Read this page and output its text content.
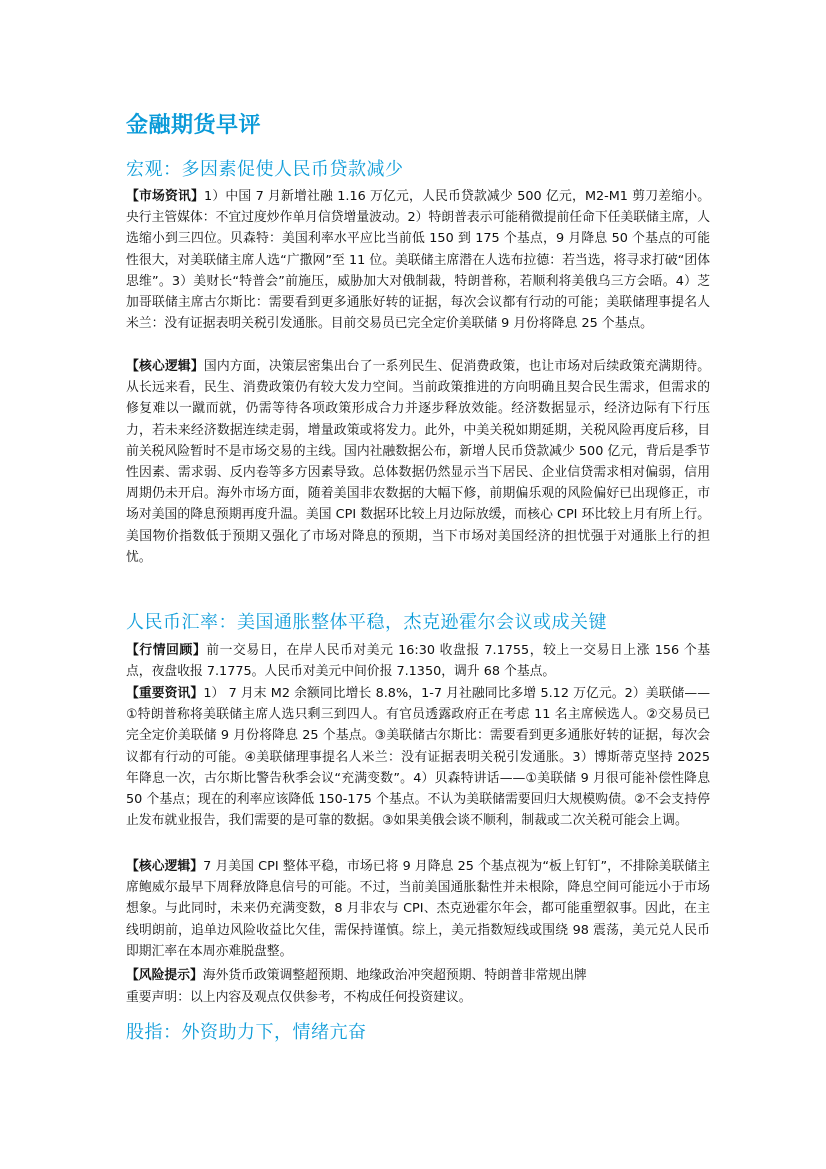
金融期货早评
宏观：多因素促使人民币贷款减少

【市场资讯】1）中国 7 月新增社融 1.16 万亿元，人民币贷款减少 500 亿元，M2-M1 剪刀差缩小。央行主管媒体：不宜过度炒作单月信贷增量波动。2）特朗普表示可能稍微提前任命下任美联储主席，人选缩小到三四位。贝森特：美国利率水平应比当前低 150 到 175 个基点，9 月降息 50 个基点的可能性很大，对美联储主席人选“广撒网”至 11 位。美联储主席潜在人选布拉德：若当选，将寻求打破“团体思维”。3）美财长“特普会”前施压，威胁加大对俄制裁，特朗普称，若顺利将美俄乌三方会晤。4）芝加哥联储主席古尔斯比：需要看到更多通胀好转的证据，每次会议都有行动的可能；美联储理事提名人米兰：没有证据表明关税引发通胀。目前交易员已完全定价美联储 9 月份将降息 25 个基点。

【核心逻辑】国内方面，决策层密集出台了一系列民生、促消费政策，也让市场对后续政策充满期待。从长远来看，民生、消费政策仍有较大发力空间。当前政策推进的方向明确且契合民生需求，但需求的修复难以一蹴而就，仍需等待各项政策形成合力并逐步释放效能。经济数据显示，经济边际有下行压力，若未来经济数据连续走弱，增量政策或将发力。此外，中美关税如期延期，关税风险再度后移，目前关税风险暂时不是市场交易的主线。国内社融数据公布，新增人民币贷款减少 500 亿元，背后是季节性因素、需求弱、反内卷等多方因素导致。总体数据仍然显示当下居民、企业信贷需求相对偏弱，信用周期仍未开启。海外市场方面，随着美国非农数据的大幅下修，前期偏乐观的风险偏好已出现修正，市场对美国的降息预期再度升温。美国 CPI 数据环比较上月边际放缓，而核心 CPI 环比较上月有所上行。美国物价指数低于预期又强化了市场对降息的预期，当下市场对美国经济的担忧强于对通胀上行的担忧。

人民币汇率：美国通胀整体平稳，杰克逊霍尔会议或成关键

【行情回顾】前一交易日，在岸人民币对美元 16:30 收盘报 7.1755，较上一交易日上涨 156 个基点，夜盘收报 7.1775。人民币对美元中间价报 7.1350，调升 68 个基点。

【重要资讯】1） 7 月末 M2 余额同比增长 8.8%，1-7 月社融同比多增 5.12 万亿元。2）美联储——①特朗普称将美联储主席人选只剩三到四人。有官员透露政府正在考虑 11 名主席候选人。②交易员已完全定价美联储 9 月份将降息 25 个基点。③美联储古尔斯比：需要看到更多通胀好转的证据，每次会议都有行动的可能。④美联储理事提名人米兰：没有证据表明关税引发通胀。3）博斯蒂克坚持 2025 年降息一次，古尔斯比警告秋季会议“充满变数”。4）贝森特讲话——①美联储 9 月很可能补偿性降息 50 个基点；现在的利率应该降低 150-175 个基点。不认为美联储需要回归大规模购债。②不会支持停止发布就业报告，我们需要的是可靠的数据。③如果美俄会谈不顺利，制裁或二次关税可能会上调。

【核心逻辑】7 月美国 CPI 整体平稳，市场已将 9 月降息 25 个基点视为“板上钉钉”，不排除美联储主席鲍威尔最早下周释放降息信号的可能。不过，当前美国通胀黏性并未根除，降息空间可能远小于市场想象。与此同时，未来仍充满变数，8 月非农与 CPI、杰克逊霍尔年会，都可能重塑叙事。因此，在主线明朗前，追单边风险收益比欠佳，需保持谨慎。综上，美元指数短线或围绕 98 震荡，美元兑人民币即期汇率在本周亦难脱盘整。

【风险提示】海外货币政策调整超预期、地缘政治冲突超预期、特朗普非常规出牌

重要声明：以上内容及观点仅供参考，不构成任何投资建议。

股指：外资助力下，情绪亢奋
